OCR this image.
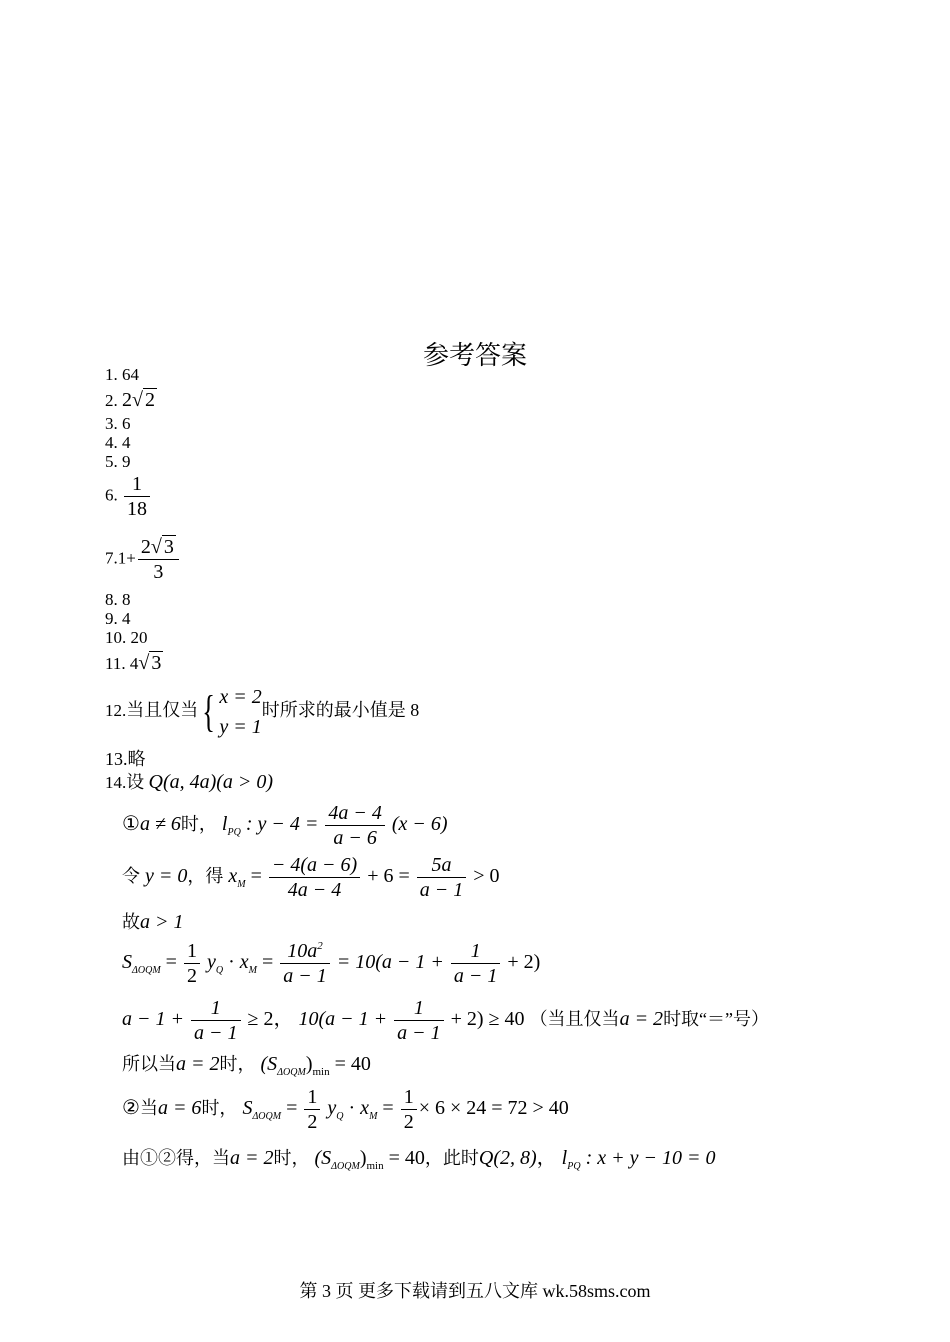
参考答案
1. 64
2. 2√ 2
3. 6
4. 4
5. 9
6. $\frac{1}{18}$
$7.1+ \frac{2√ 3}{3}$
8. 8
9. 4
10. 20
11. 4√ 3
12.当且仅当{ x = 2
y = 1
时所求的最小值是 8
13.略
14.设 Q(a, 4a)(a > 0)
①a ≠ 6时， $l_{PQ}$ : $y - 4 = \frac{4a - 4}{a - 6} (x - 6)$
令 y = 0，得 $x_M = \frac{- 4(a - 6)}{4a - 4} + 6 = \frac{5a}{a - 1} > 0$
故a > 1
$S_{\Delta OQM} = \frac{1}{2} y_Q \cdot x_M = \frac{10a^2}{a - 1} = 10(a - 1 + \frac{1}{a - 1} + 2)$
$a - 1 + \frac{1}{a - 1} \ge 2$， $10(a - 1 + \frac{1}{a - 1} + 2) \ge 40$ （当且仅当a = 2时取“＝”号）
所以当a = 2时， $(S_{\Delta OQM})_{min} = 40$
②当a = 6时， $S_{\Delta OQM} = \frac{1}{2} y_Q \cdot x_M = \frac{1}{2} \times 6 \times 24 = 72 > 40$
由①②得，当a = 2时， $(S_{\Delta OQM})_{min} = 40$，此时Q(2, 8)， $l_{PQ}$ : x + y − 10 = 0
第 3 页 更多下载请到五八文库 wk.58sms.com
